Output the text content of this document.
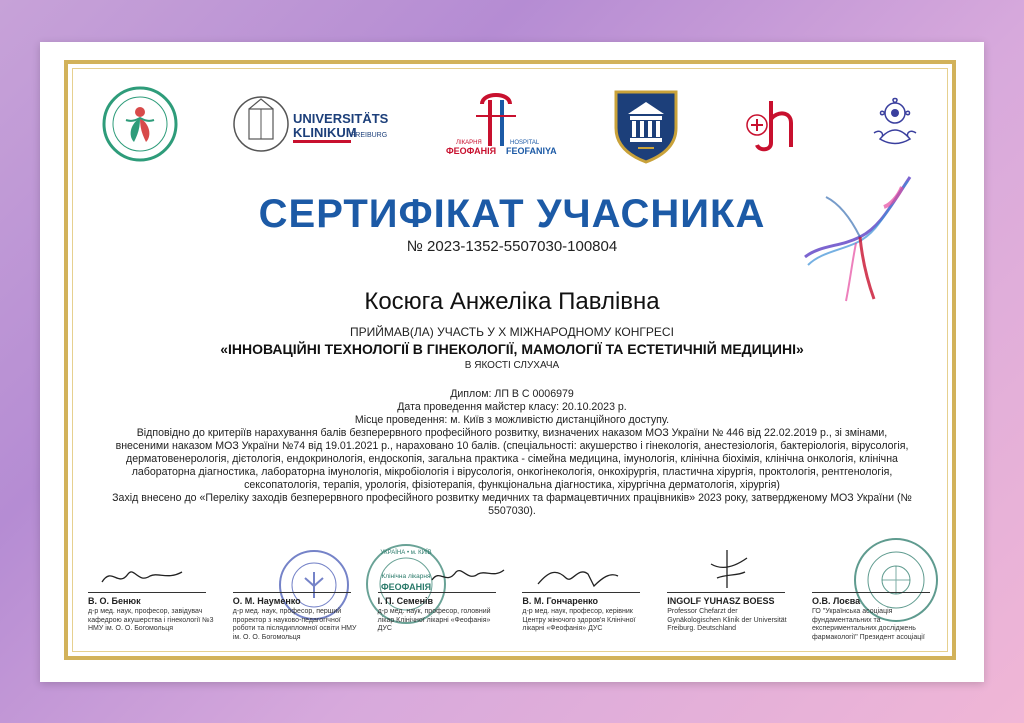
UNIVERSITÄTS
KLINIKUM
FREIBURG
ЛІКАРНЯ
ФЕОФАНІЯ
HOSPITAL
FEOFANIYA
СЕРТИФІКАТ УЧАСНИКА
№ 2023-1352-5507030-100804
Косюга Анжеліка Павлівна
ПРИЙМАВ(ЛА) УЧАСТЬ У Х МІЖНАРОДНОМУ КОНГРЕСІ
«ІННОВАЦІЙНІ ТЕХНОЛОГІЇ В ГІНЕКОЛОГІЇ, МАМОЛОГІЇ ТА ЕСТЕТИЧНІЙ МЕДИЦИНІ»
В ЯКОСТІ СЛУХАЧА

Диплом: ЛП В С 0006979

Дата проведення майстер класу: 20.10.2023 р.

Місце проведення: м. Київ з можливістю дистанційного доступу.

Відповідно до критеріїв нарахування балів безперервного професійного розвитку, визначених наказом МОЗ України № 446 від 22.02.2019 р., зі змінами, внесеними наказом МОЗ України №74 від 19.01.2021 р., нараховано 10 балів. (спеціальності: акушерство і гінекологія, анестезіологія, бактеріологія, вірусологія, дерматовенерологія, дієтологія, ендокринологія, ендоскопія, загальна практика - сімейна медицина, імунологія, клінічна біохімія, клінічна онкологія, клінічна лабораторна діагностика, лабораторна імунологія, мікробіологія і вірусологія, онкогінекологія, онкохірургія, пластична хірургія, проктологія, рентгенологія, сексопатологія, терапія, урологія, фізіотерапія, функціональна діагностика, хірургічна дерматологія, хірургія)

Захід внесено до «Переліку заходів безперервного професійного розвитку медичних та фармацевтичних працівників» 2023 року, затвердженому МОЗ України (№ 5507030).

В. О. Бенюк
д-р мед. наук, професор, завідувач кафедрою акушерства і гінекології №3 НМУ ім. О. О. Богомольця
О. М. Науменко
д-р мед. наук, професор, перший проректор з науково-педагогічної роботи та післядипломної освіти НМУ ім. О. О. Богомольця
УКРАЇНА • м. КИЇВ
Клінічна лікарня
ФЕОФАНІЯ
І. П. Семенів
д-р мед. наук, професор, головний лікар Клінічної лікарні «Феофанія» ДУС
В. М. Гончаренко
д-р мед. наук, професор, керівник Центру жіночого здоров'я Клінічної лікарні «Феофанія» ДУС
INGOLF YUHASZ BOESS
Professor Chefarzt der Gynäkologischen Klinik der Universität Freiburg. Deutschland
О.В. Лоєва
ГО "Українська асоціація фундаментальних та експериментальних досліджень фармакології" Президент асоціації
